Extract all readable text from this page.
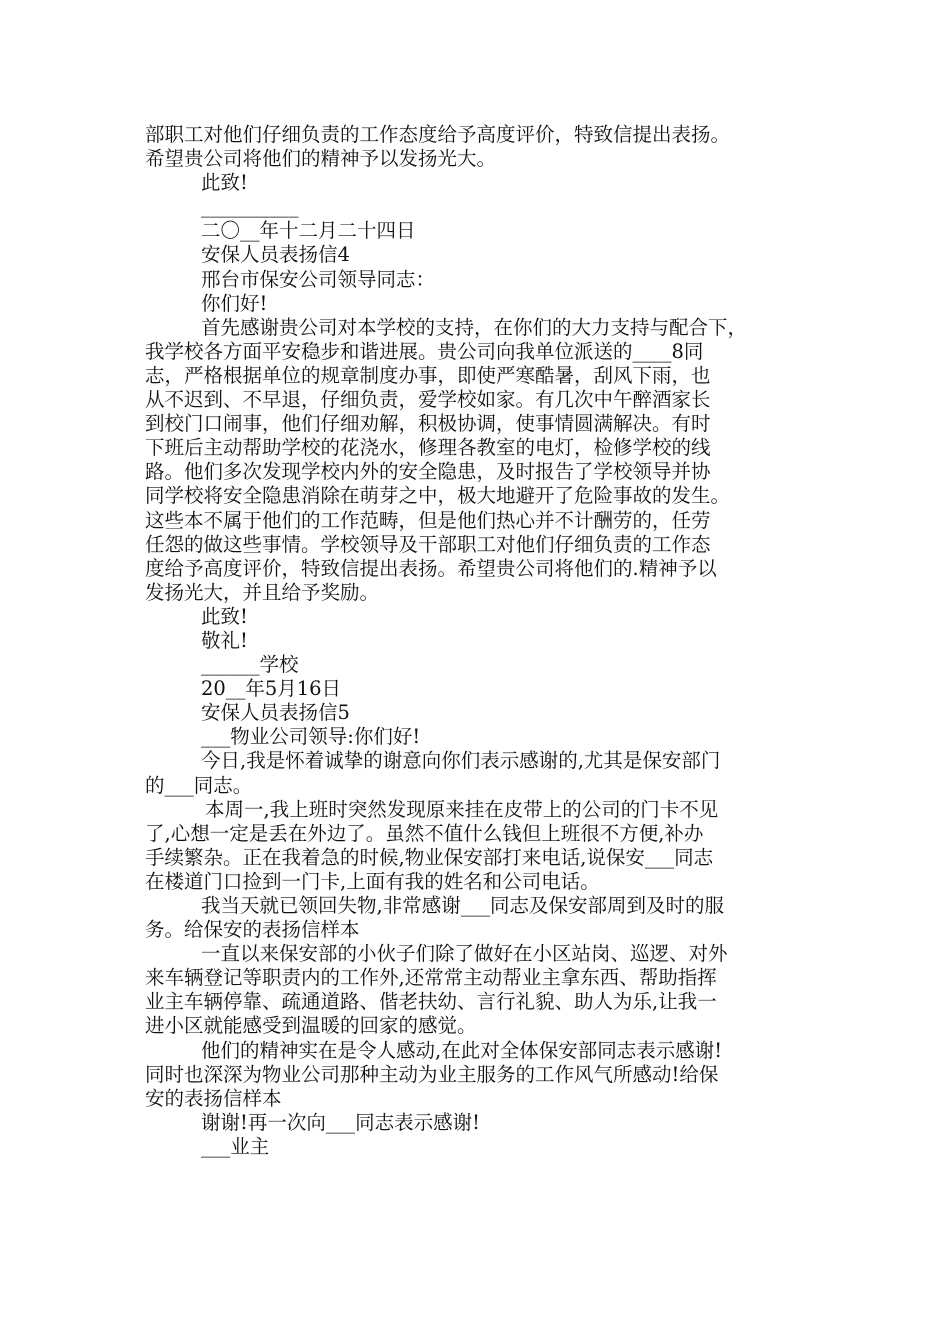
部职工对他们仔细负责的工作态度给予高度评价，特致信提出表扬。
希望贵公司将他们的精神予以发扬光大。
此致!
__________
二〇__年十二月二十四日
安保人员表扬信4
邢台市保安公司领导同志：
你们好!
首先感谢贵公司对本学校的支持，在你们的大力支持与配合下，
我学校各方面平安稳步和谐进展。贵公司向我单位派送的____8同
志，严格根据单位的规章制度办事，即使严寒酷暑，刮风下雨，也
从不迟到、不早退，仔细负责，爱学校如家。有几次中午醉酒家长
到校门口闹事，他们仔细劝解，积极协调，使事情圆满解决。有时
下班后主动帮助学校的花浇水，修理各教室的电灯，检修学校的线
路。他们多次发现学校内外的安全隐患，及时报告了学校领导并协
同学校将安全隐患消除在萌芽之中，极大地避开了危险事故的发生。
这些本不属于他们的工作范畴，但是他们热心并不计酬劳的，任劳
任怨的做这些事情。学校领导及干部职工对他们仔细负责的工作态
度给予高度评价，特致信提出表扬。希望贵公司将他们的.精神予以
发扬光大，并且给予奖励。
此致!
敬礼!
______学校
20__年5月16日
安保人员表扬信5
___物业公司领导:你们好!
今日,我是怀着诚挚的谢意向你们表示感谢的,尤其是保安部门
的___同志。
本周一,我上班时突然发现原来挂在皮带上的公司的门卡不见
了,心想一定是丢在外边了。虽然不值什么钱但上班很不方便,补办
手续繁杂。正在我着急的时候,物业保安部打来电话,说保安___同志
在楼道门口捡到一门卡,上面有我的姓名和公司电话。
我当天就已领回失物,非常感谢___同志及保安部周到及时的服
务。给保安的表扬信样本
一直以来保安部的小伙子们除了做好在小区站岗、巡逻、对外
来车辆登记等职责内的工作外,还常常主动帮业主拿东西、帮助指挥
业主车辆停靠、疏通道路、偕老扶幼、言行礼貌、助人为乐,让我一
进小区就能感受到温暖的回家的感觉。
他们的精神实在是令人感动,在此对全体保安部同志表示感谢!
同时也深深为物业公司那种主动为业主服务的工作风气所感动!给保
安的表扬信样本
谢谢!再一次向___同志表示感谢!
___业主
